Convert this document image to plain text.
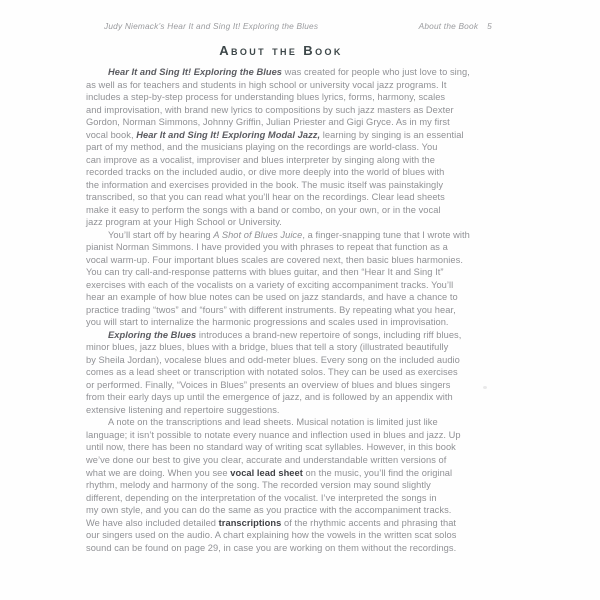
Judy Niemack’s Hear It and Sing It! Exploring the Blues	About the Book 5
About the Book
Hear It and Sing It! Exploring the Blues was created for people who just love to sing,
as well as for teachers and students in high school or university vocal jazz programs. It
includes a step-by-step process for understanding blues lyrics, forms, harmony, scales
and improvisation, with brand new lyrics to compositions by such jazz masters as Dexter
Gordon, Norman Simmons, Johnny Griffin, Julian Priester and Gigi Gryce. As in my first
vocal book, Hear It and Sing It! Exploring Modal Jazz, learning by singing is an essential
part of my method, and the musicians playing on the recordings are world-class. You
can improve as a vocalist, improviser and blues interpreter by singing along with the
recorded tracks on the included audio, or dive more deeply into the world of blues with
the information and exercises provided in the book. The music itself was painstakingly
transcribed, so that you can read what you’ll hear on the recordings. Clear lead sheets
make it easy to perform the songs with a band or combo, on your own, or in the vocal
jazz program at your High School or University.
You’ll start off by hearing A Shot of Blues Juice, a finger-snapping tune that I wrote with
pianist Norman Simmons. I have provided you with phrases to repeat that function as a
vocal warm-up. Four important blues scales are covered next, then basic blues harmonies.
You can try call-and-response patterns with blues guitar, and then “Hear It and Sing It”
exercises with each of the vocalists on a variety of exciting accompaniment tracks. You’ll
hear an example of how blue notes can be used on jazz standards, and have a chance to
practice trading “twos” and “fours” with different instruments. By repeating what you hear,
you will start to internalize the harmonic progressions and scales used in improvisation.
Exploring the Blues introduces a brand-new repertoire of songs, including riff blues,
minor blues, jazz blues, blues with a bridge, blues that tell a story (illustrated beautifully
by Sheila Jordan), vocalese blues and odd-meter blues. Every song on the included audio
comes as a lead sheet or transcription with notated solos. They can be used as exercises
or performed. Finally, “Voices in Blues” presents an overview of blues and blues singers
from their early days up until the emergence of jazz, and is followed by an appendix with
extensive listening and repertoire suggestions.
A note on the transcriptions and lead sheets. Musical notation is limited just like
language; it isn’t possible to notate every nuance and inflection used in blues and jazz. Up
until now, there has been no standard way of writing scat syllables. However, in this book
we’ve done our best to give you clear, accurate and understandable written versions of
what we are doing. When you see vocal lead sheet on the music, you’ll find the original
rhythm, melody and harmony of the song. The recorded version may sound slightly
different, depending on the interpretation of the vocalist. I’ve interpreted the songs in
my own style, and you can do the same as you practice with the accompaniment tracks.
We have also included detailed transcriptions of the rhythmic accents and phrasing that
our singers used on the audio. A chart explaining how the vowels in the written scat solos
sound can be found on page 29, in case you are working on them without the recordings.
